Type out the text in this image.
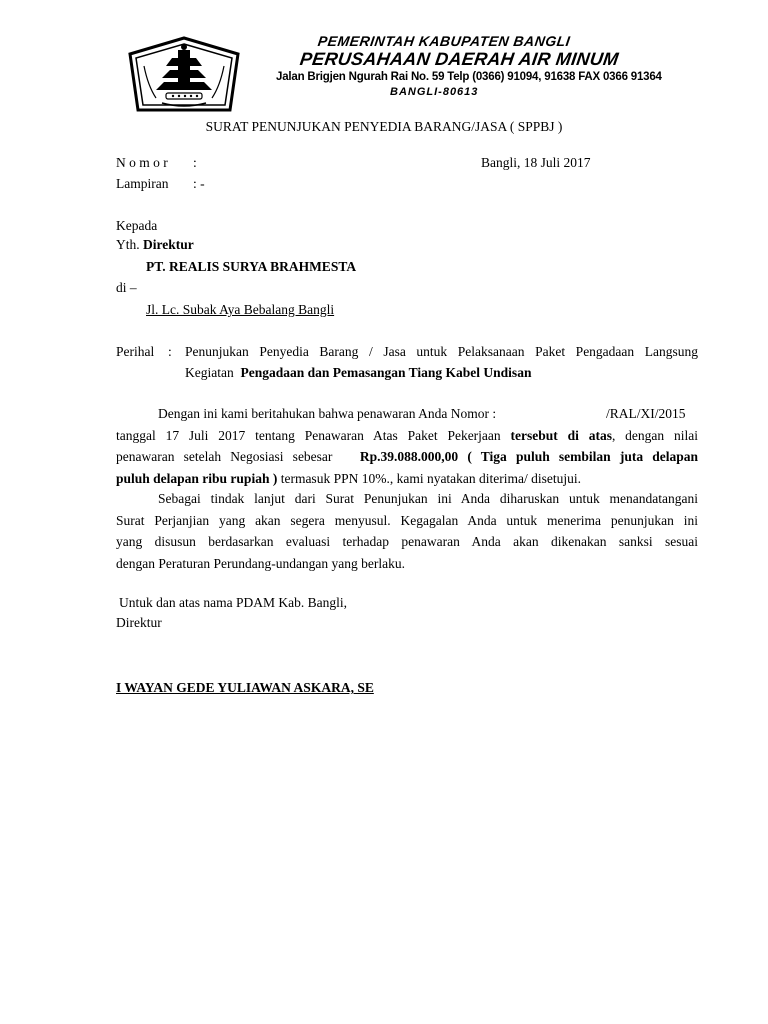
PEMERINTAH KABUPATEN BANGLI
PERUSAHAAN DAERAH AIR MINUM
Jalan Brigjen Ngurah Rai No. 59 Telp (0366) 91094, 91638 FAX 0366 91364
BANGLI-80613
SURAT PENUNJUKAN PENYEDIA BARANG/JASA ( SPPBJ )
N o m o r :	Bangli, 18 Juli 2017
Lampiran : -
Kepada
Yth. Direktur
PT. REALIS SURYA BRAHMESTA
di –
Jl. Lc. Subak Aya Bebalang Bangli
Perihal : Penunjukan Penyedia Barang / Jasa untuk Pelaksanaan Paket Pengadaan Langsung
Kegiatan Pengadaan dan Pemasangan Tiang Kabel Undisan
Dengan ini kami beritahukan bahwa penawaran Anda Nomor :	/RAL/XI/2015
tanggal 17 Juli 2017 tentang Penawaran Atas Paket Pekerjaan tersebut di atas, dengan nilai
penawaran setelah Negosiasi sebesar Rp.39.088.000,00 ( Tiga puluh sembilan juta delapan
puluh delapan ribu rupiah ) termasuk PPN 10%., kami nyatakan diterima/ disetujui.
Sebagai tindak lanjut dari Surat Penunjukan ini Anda diharuskan untuk menandatangani
Surat Perjanjian yang akan segera menyusul. Kegagalan Anda untuk menerima penunjukan ini
yang disusun berdasarkan evaluasi terhadap penawaran Anda akan dikenakan sanksi sesuai
dengan Peraturan Perundang-undangan yang berlaku.
Untuk dan atas nama PDAM Kab. Bangli,
Direktur
I WAYAN GEDE YULIAWAN ASKARA, SE
